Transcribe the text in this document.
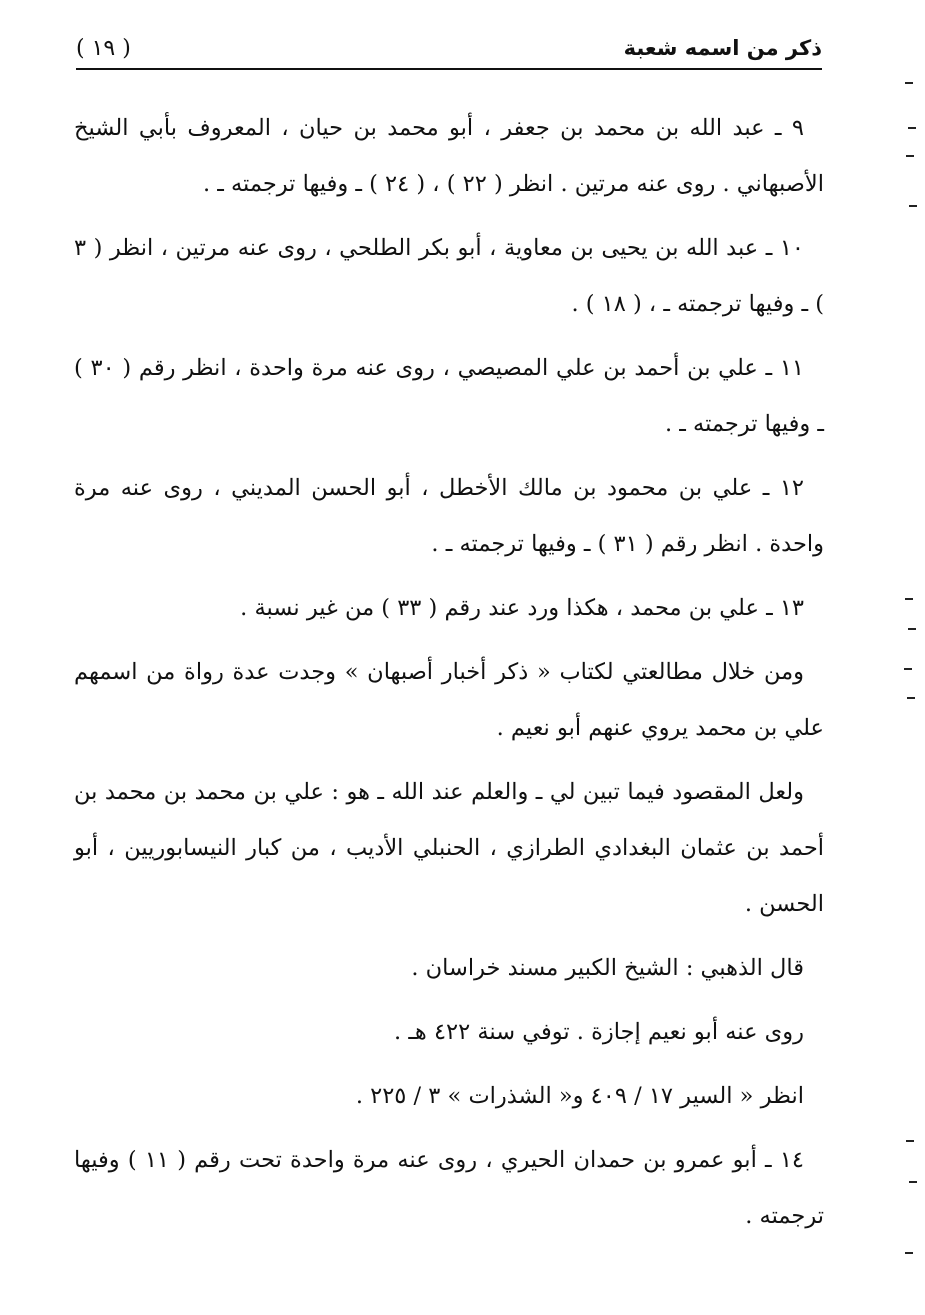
ذكر من اسمه شعبة
( ١٩ )

٩ ـ عبد الله بن محمد بن جعفر ، أبو محمد بن حيان ، المعروف بأبي الشيخ الأصبهاني . روى عنه مرتين . انظر ( ٢٢ ) ، ( ٢٤ ) ـ وفيها ترجمته ـ .

١٠ ـ عبد الله بن يحيى بن معاوية ، أبو بكر الطلحي ، روى عنه مرتين ، انظر ( ٣ ) ـ وفيها ترجمته ـ ، ( ١٨ ) .

١١ ـ علي بن أحمد بن علي المصيصي ، روى عنه مرة واحدة ، انظر رقم ( ٣٠ ) ـ وفيها ترجمته ـ .

١٢ ـ علي بن محمود بن مالك الأخطل ، أبو الحسن المديني ، روى عنه مرة واحدة . انظر رقم ( ٣١ ) ـ وفيها ترجمته ـ .

١٣ ـ علي بن محمد ، هكذا ورد عند رقم ( ٣٣ ) من غير نسبة .

ومن خلال مطالعتي لكتاب « ذكر أخبار أصبهان » وجدت عدة رواة من اسمهم علي بن محمد يروي عنهم أبو نعيم .

ولعل المقصود فيما تبين لي ـ والعلم عند الله ـ هو : علي بن محمد بن محمد بن أحمد بن عثمان البغدادي الطرازي ، الحنبلي الأديب ، من كبار النيسابوريين ، أبو الحسن .

قال الذهبي : الشيخ الكبير مسند خراسان .

روى عنه أبو نعيم إجازة . توفي سنة ٤٢٢ هـ .

انظر « السير ١٧ / ٤٠٩ و« الشذرات » ٣ / ٢٢٥ .

١٤ ـ أبو عمرو بن حمدان الحيري ، روى عنه مرة واحدة تحت رقم ( ١١ ) وفيها ترجمته .
